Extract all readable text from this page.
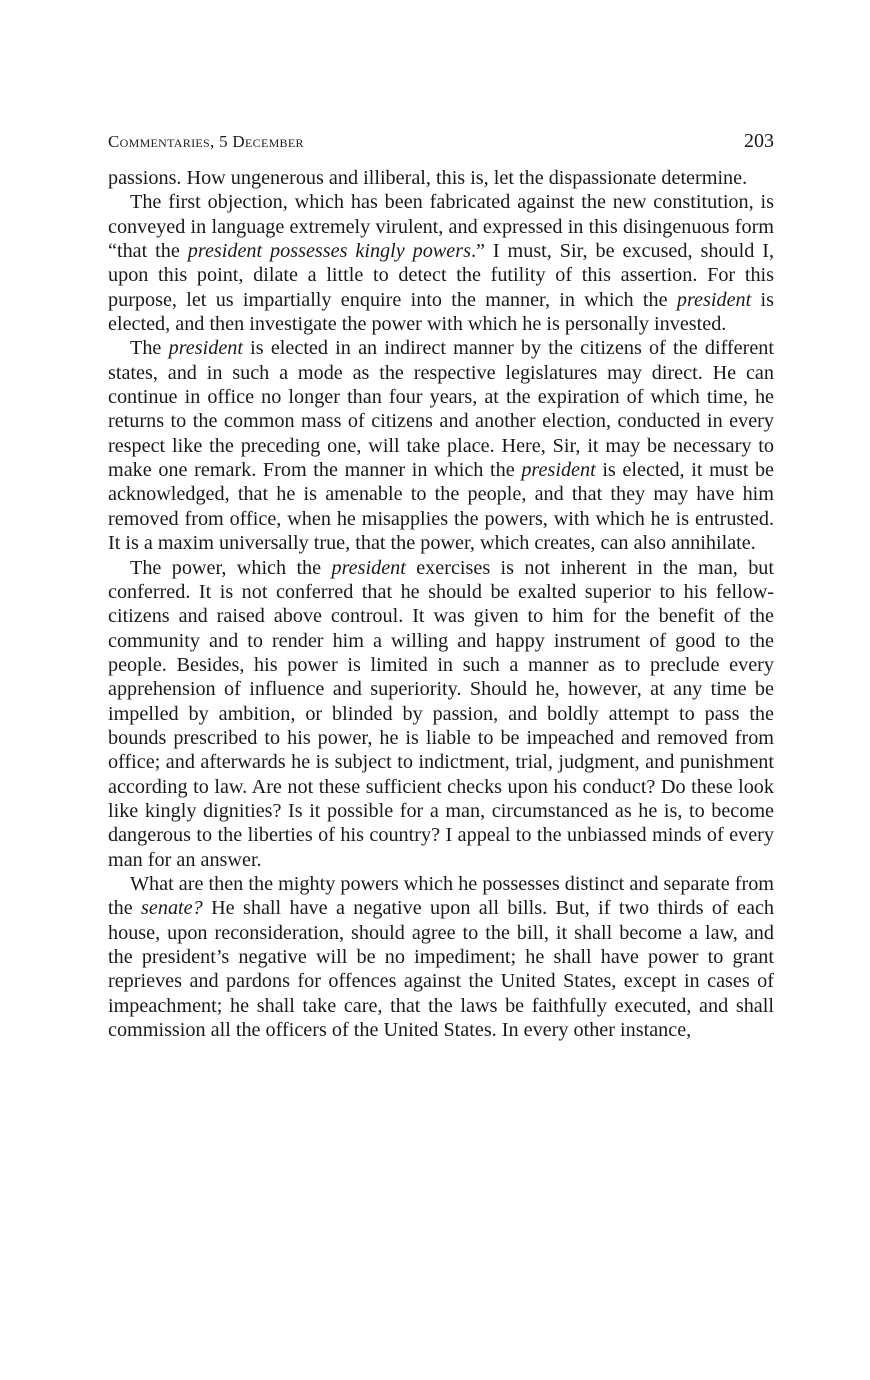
Commentaries, 5 December	203

passions. How ungenerous and illiberal, this is, let the dispassionate determine.

The first objection, which has been fabricated against the new constitution, is conveyed in language extremely virulent, and expressed in this disingenuous form “that the president possesses kingly powers.” I must, Sir, be excused, should I, upon this point, dilate a little to detect the futility of this assertion. For this purpose, let us impartially enquire into the manner, in which the president is elected, and then investigate the power with which he is personally invested.

The president is elected in an indirect manner by the citizens of the different states, and in such a mode as the respective legislatures may direct. He can continue in office no longer than four years, at the expiration of which time, he returns to the common mass of citizens and another election, conducted in every respect like the preceding one, will take place. Here, Sir, it may be necessary to make one remark. From the manner in which the president is elected, it must be acknowledged, that he is amenable to the people, and that they may have him removed from office, when he misapplies the powers, with which he is entrusted. It is a maxim universally true, that the power, which creates, can also annihilate.

The power, which the president exercises is not inherent in the man, but conferred. It is not conferred that he should be exalted superior to his fellow-citizens and raised above controul. It was given to him for the benefit of the community and to render him a willing and happy instrument of good to the people. Besides, his power is limited in such a manner as to preclude every apprehension of influence and superiority. Should he, however, at any time be impelled by ambition, or blinded by passion, and boldly attempt to pass the bounds prescribed to his power, he is liable to be impeached and removed from office; and afterwards he is subject to indictment, trial, judgment, and punishment according to law. Are not these sufficient checks upon his conduct? Do these look like kingly dignities? Is it possible for a man, circumstanced as he is, to become dangerous to the liberties of his country? I appeal to the unbiassed minds of every man for an answer.

What are then the mighty powers which he possesses distinct and separate from the senate? He shall have a negative upon all bills. But, if two thirds of each house, upon reconsideration, should agree to the bill, it shall become a law, and the president’s negative will be no impediment; he shall have power to grant reprieves and pardons for offences against the United States, except in cases of impeachment; he shall take care, that the laws be faithfully executed, and shall commission all the officers of the United States. In every other instance,
